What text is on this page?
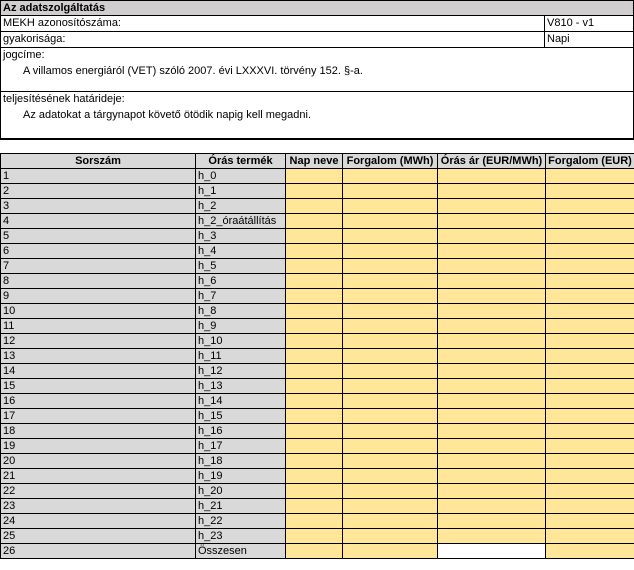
Az adatszolgáltatás
MEKH azonosítószáma:	V810 - v1
gyakorisága:	Napi
jogcíme:
A villamos energiáról (VET) szóló 2007. évi LXXXVI. törvény 152. §-a.
teljesítésének határideje:
Az adatokat a tárgynapot követő ötödik napig kell megadni.
Sorszám	Órás termék	Nap neve	Forgalom (MWh)	Órás ár (EUR/MWh)	Forgalom (EUR)
1	h_0				
2	h_1				
3	h_2				
4	h_2_óraátállítás				
5	h_3				
6	h_4				
7	h_5				
8	h_6				
9	h_7				
10	h_8				
11	h_9				
12	h_10				
13	h_11				
14	h_12				
15	h_13				
16	h_14				
17	h_15				
18	h_16				
19	h_17				
20	h_18				
21	h_19				
22	h_20				
23	h_21				
24	h_22				
25	h_23				
26	Összesen				
